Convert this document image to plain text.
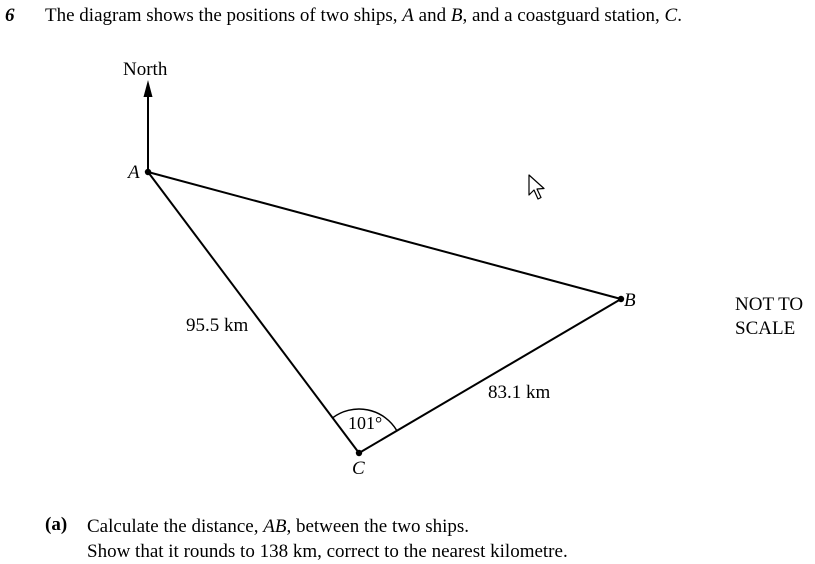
6 The diagram shows the positions of two ships, A and B, and a coastguard station, C.
North
A
B
C
95.5 km
83.1 km
101°
NOT TO
SCALE
(a) Calculate the distance, AB, between the two ships.
Show that it rounds to 138 km, correct to the nearest kilometre.
